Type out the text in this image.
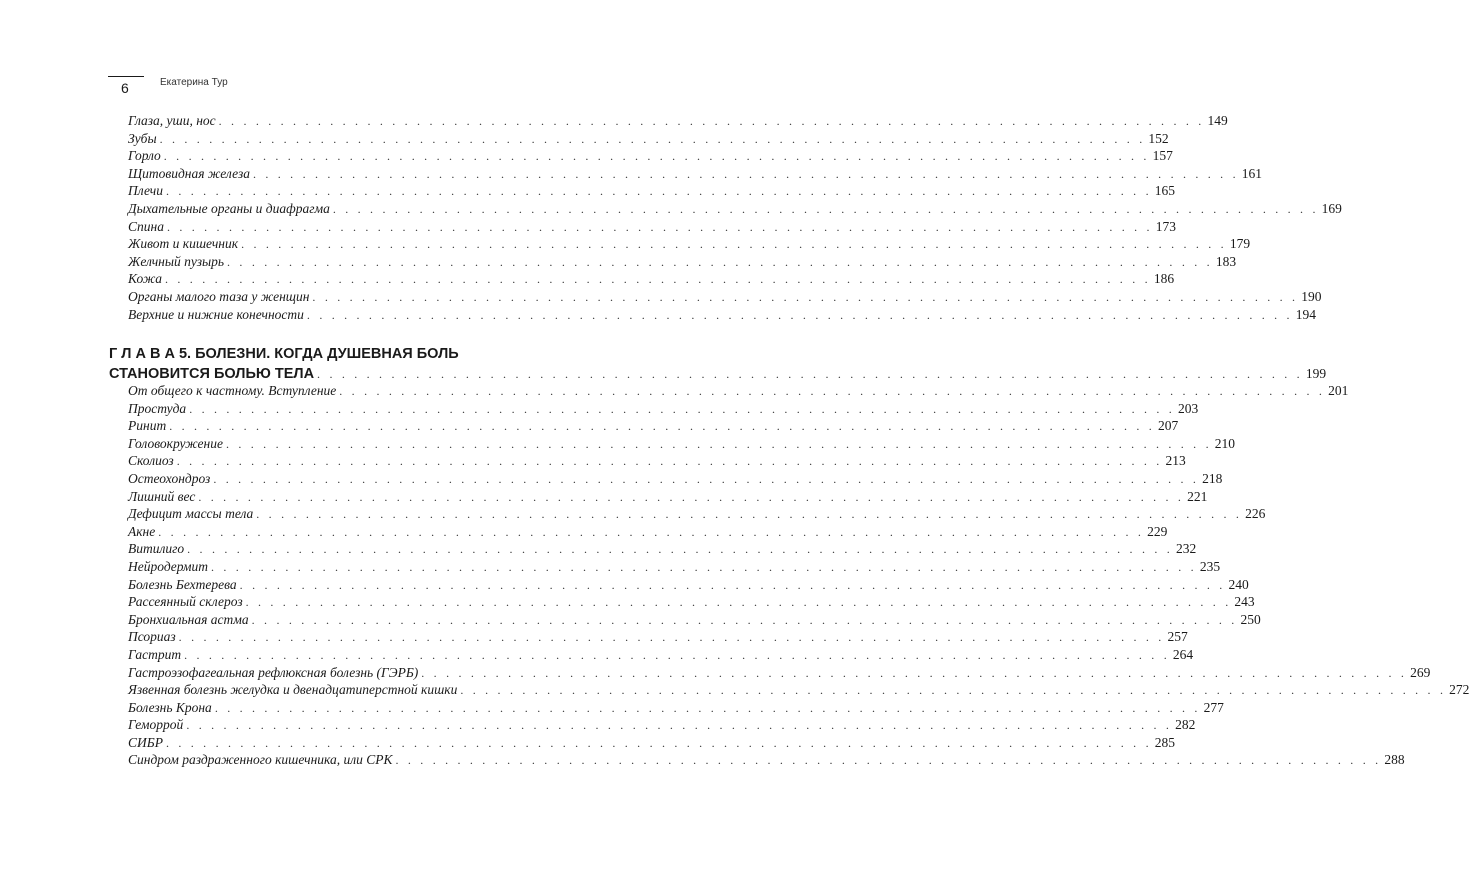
6	Екатерина Тур
Глаза, уши, нос . . . . . . . . . . . . . . . . . . . . . . . . . . . . . . . . . . . . . . . . . . . . . . . . . . . . . . . . . . . . . . . . . . . . . . . . . . . . . . . . 149
Зубы . . . . . . . . . . . . . . . . . . . . . . . . . . . . . . . . . . . . . . . . . . . . . . . . . . . . . . . . . . . . . . . . . . . . . . . . . . . . . . . . 152
Горло . . . . . . . . . . . . . . . . . . . . . . . . . . . . . . . . . . . . . . . . . . . . . . . . . . . . . . . . . . . . . . . . . . . . . . . . . . . . . . . . 157
Щитовидная железа . . . . . . . . . . . . . . . . . . . . . . . . . . . . . . . . . . . . . . . . . . . . . . . . . . . . . . . . . . . . . . . . . . . . . . . . . . . . . . . . 161
Плечи . . . . . . . . . . . . . . . . . . . . . . . . . . . . . . . . . . . . . . . . . . . . . . . . . . . . . . . . . . . . . . . . . . . . . . . . . . . . . . . . 165
Дыхательные органы и диафрагма . . . . . . . . . . . . . . . . . . . . . . . . . . . . . . . . . . . . . . . . . . . . . . . . . . . . . . . . . . . . . . . . . . . . . . . . . . . . . . . . 169
Спина . . . . . . . . . . . . . . . . . . . . . . . . . . . . . . . . . . . . . . . . . . . . . . . . . . . . . . . . . . . . . . . . . . . . . . . . . . . . . . . . 173
Живот и кишечник . . . . . . . . . . . . . . . . . . . . . . . . . . . . . . . . . . . . . . . . . . . . . . . . . . . . . . . . . . . . . . . . . . . . . . . . . . . . . . . . 179
Желчный пузырь . . . . . . . . . . . . . . . . . . . . . . . . . . . . . . . . . . . . . . . . . . . . . . . . . . . . . . . . . . . . . . . . . . . . . . . . . . . . . . . . 183
Кожа . . . . . . . . . . . . . . . . . . . . . . . . . . . . . . . . . . . . . . . . . . . . . . . . . . . . . . . . . . . . . . . . . . . . . . . . . . . . . . . . 186
Органы малого таза у женщин . . . . . . . . . . . . . . . . . . . . . . . . . . . . . . . . . . . . . . . . . . . . . . . . . . . . . . . . . . . . . . . . . . . . . . . . . . . . . . . . 190
Верхние и нижние конечности . . . . . . . . . . . . . . . . . . . . . . . . . . . . . . . . . . . . . . . . . . . . . . . . . . . . . . . . . . . . . . . . . . . . . . . . . . . . . . . . 194
Г Л А В А 5. БОЛЕЗНИ. КОГДА ДУШЕВНАЯ БОЛЬ
СТАНОВИТСЯ БОЛЬЮ ТЕЛА . . . . . . . . . . . . . . . . . . . . . . . . . . . . . . . . . . . . . . . . . . . . . . . . . . . . . . . . . . . . . . . . . . . . . . . . . . . . . . . . 199
От общего к частному. Вступление . . . . . . . . . . . . . . . . . . . . . . . . . . . . . . . . . . . . . . . . . . . . . . . . . . . . . . . . . . . . . . . . . . . . . . . . . . . . . . . . 201
Простуда . . . . . . . . . . . . . . . . . . . . . . . . . . . . . . . . . . . . . . . . . . . . . . . . . . . . . . . . . . . . . . . . . . . . . . . . . . . . . . . . 203
Ринит . . . . . . . . . . . . . . . . . . . . . . . . . . . . . . . . . . . . . . . . . . . . . . . . . . . . . . . . . . . . . . . . . . . . . . . . . . . . . . . . 207
Головокружение . . . . . . . . . . . . . . . . . . . . . . . . . . . . . . . . . . . . . . . . . . . . . . . . . . . . . . . . . . . . . . . . . . . . . . . . . . . . . . . . 210
Сколиоз . . . . . . . . . . . . . . . . . . . . . . . . . . . . . . . . . . . . . . . . . . . . . . . . . . . . . . . . . . . . . . . . . . . . . . . . . . . . . . . . 213
Остеохондроз . . . . . . . . . . . . . . . . . . . . . . . . . . . . . . . . . . . . . . . . . . . . . . . . . . . . . . . . . . . . . . . . . . . . . . . . . . . . . . . . 218
Лишний вес . . . . . . . . . . . . . . . . . . . . . . . . . . . . . . . . . . . . . . . . . . . . . . . . . . . . . . . . . . . . . . . . . . . . . . . . . . . . . . . . 221
Дефицит массы тела . . . . . . . . . . . . . . . . . . . . . . . . . . . . . . . . . . . . . . . . . . . . . . . . . . . . . . . . . . . . . . . . . . . . . . . . . . . . . . . . 226
Акне . . . . . . . . . . . . . . . . . . . . . . . . . . . . . . . . . . . . . . . . . . . . . . . . . . . . . . . . . . . . . . . . . . . . . . . . . . . . . . . . 229
Витилиго . . . . . . . . . . . . . . . . . . . . . . . . . . . . . . . . . . . . . . . . . . . . . . . . . . . . . . . . . . . . . . . . . . . . . . . . . . . . . . . . 232
Нейродермит . . . . . . . . . . . . . . . . . . . . . . . . . . . . . . . . . . . . . . . . . . . . . . . . . . . . . . . . . . . . . . . . . . . . . . . . . . . . . . . . 235
Болезнь Бехтерева . . . . . . . . . . . . . . . . . . . . . . . . . . . . . . . . . . . . . . . . . . . . . . . . . . . . . . . . . . . . . . . . . . . . . . . . . . . . . . . . 240
Рассеянный склероз . . . . . . . . . . . . . . . . . . . . . . . . . . . . . . . . . . . . . . . . . . . . . . . . . . . . . . . . . . . . . . . . . . . . . . . . . . . . . . . . 243
Бронхиальная астма . . . . . . . . . . . . . . . . . . . . . . . . . . . . . . . . . . . . . . . . . . . . . . . . . . . . . . . . . . . . . . . . . . . . . . . . . . . . . . . . 250
Псориаз . . . . . . . . . . . . . . . . . . . . . . . . . . . . . . . . . . . . . . . . . . . . . . . . . . . . . . . . . . . . . . . . . . . . . . . . . . . . . . . . 257
Гастрит . . . . . . . . . . . . . . . . . . . . . . . . . . . . . . . . . . . . . . . . . . . . . . . . . . . . . . . . . . . . . . . . . . . . . . . . . . . . . . . . 264
Гастроэзофагеальная рефлюксная болезнь (ГЭРБ) . . . . . . . . . . . . . . . . . . . . . . . . . . . . . . . . . . . . . . . . . . . . . . . . . . . . . . . . . . . . . . . . . . . . . . . . . . . . . . . . 269
Язвенная болезнь желудка и двенадцатиперстной кишки . . . . . . . . . . . . . . . . . . . . . . . . . . . . . . . . . . . . . . . . . . . . . . . . . . . . . . . . . . . . . . . . . . . . . . . . . . . . . . . . 272
Болезнь Крона . . . . . . . . . . . . . . . . . . . . . . . . . . . . . . . . . . . . . . . . . . . . . . . . . . . . . . . . . . . . . . . . . . . . . . . . . . . . . . . . 277
Геморрой . . . . . . . . . . . . . . . . . . . . . . . . . . . . . . . . . . . . . . . . . . . . . . . . . . . . . . . . . . . . . . . . . . . . . . . . . . . . . . . . 282
СИБР . . . . . . . . . . . . . . . . . . . . . . . . . . . . . . . . . . . . . . . . . . . . . . . . . . . . . . . . . . . . . . . . . . . . . . . . . . . . . . . . 285
Синдром раздраженного кишечника, или СРК . . . . . . . . . . . . . . . . . . . . . . . . . . . . . . . . . . . . . . . . . . . . . . . . . . . . . . . . . . . . . . . . . . . . . . . . . . . . . . . . 288
